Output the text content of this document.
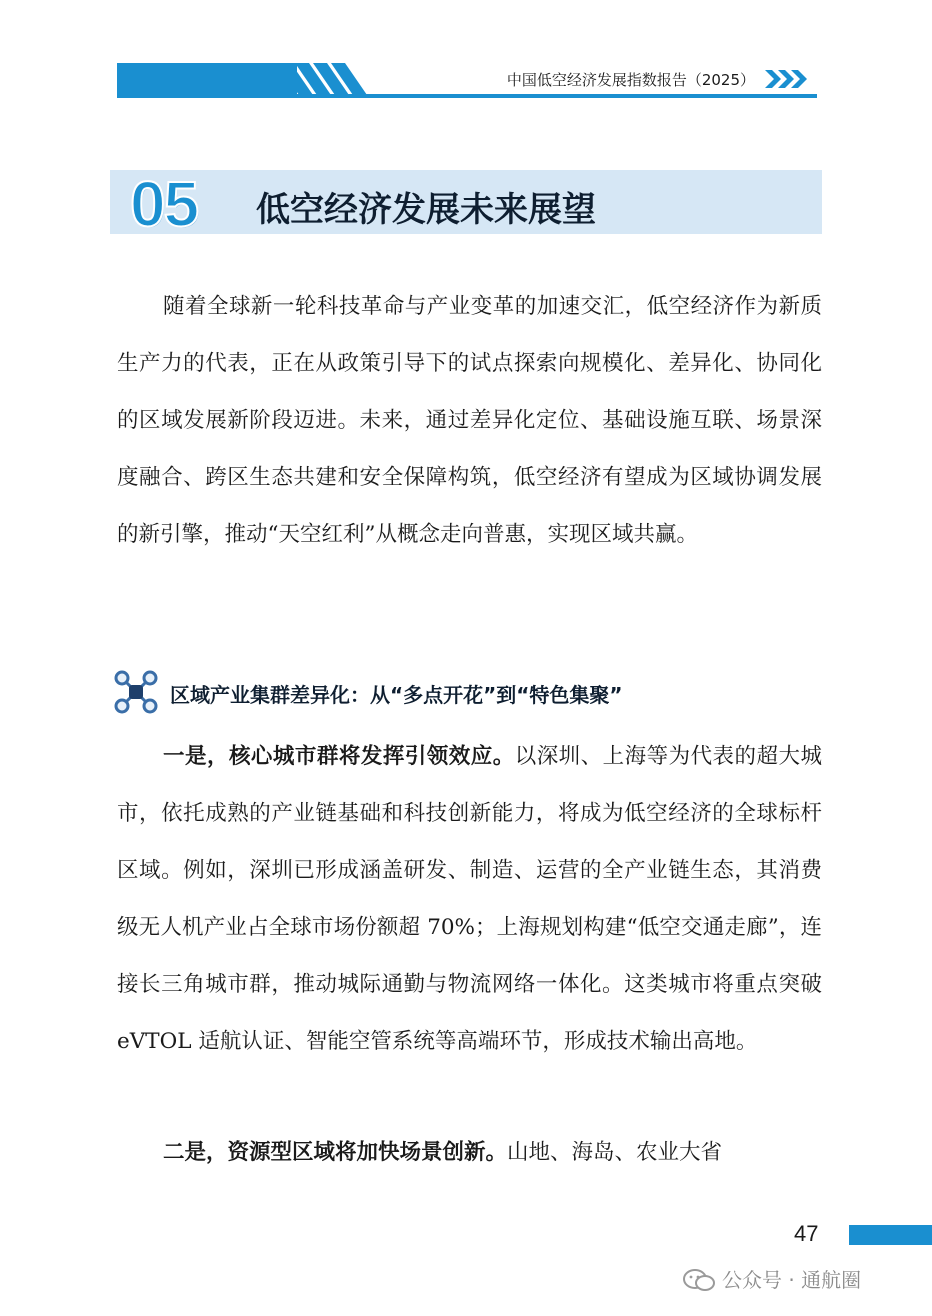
中国低空经济发展指数报告（2025）
05 低空经济发展未来展望
随着全球新一轮科技革命与产业变革的加速交汇，低空经济作为新质生产力的代表，正在从政策引导下的试点探索向规模化、差异化、协同化的区域发展新阶段迈进。未来，通过差异化定位、基础设施互联、场景深度融合、跨区生态共建和安全保障构筑，低空经济有望成为区域协调发展的新引擎，推动“天空红利”从概念走向普惠，实现区域共赢。
区域产业集群差异化：从“多点开花”到“特色集聚”
一是，核心城市群将发挥引领效应。以深圳、上海等为代表的超大城市，依托成熟的产业链基础和科技创新能力，将成为低空经济的全球标杆区域。例如，深圳已形成涵盖研发、制造、运营的全产业链生态，其消费级无人机产业占全球市场份额超 70%；上海规划构建“低空交通走廊”，连接长三角城市群，推动城际通勤与物流网络一体化。这类城市将重点突破 eVTOL 适航认证、智能空管系统等高端环节，形成技术输出高地。
二是，资源型区域将加快场景创新。山地、海岛、农业大省
47
公众号 · 通航圈
